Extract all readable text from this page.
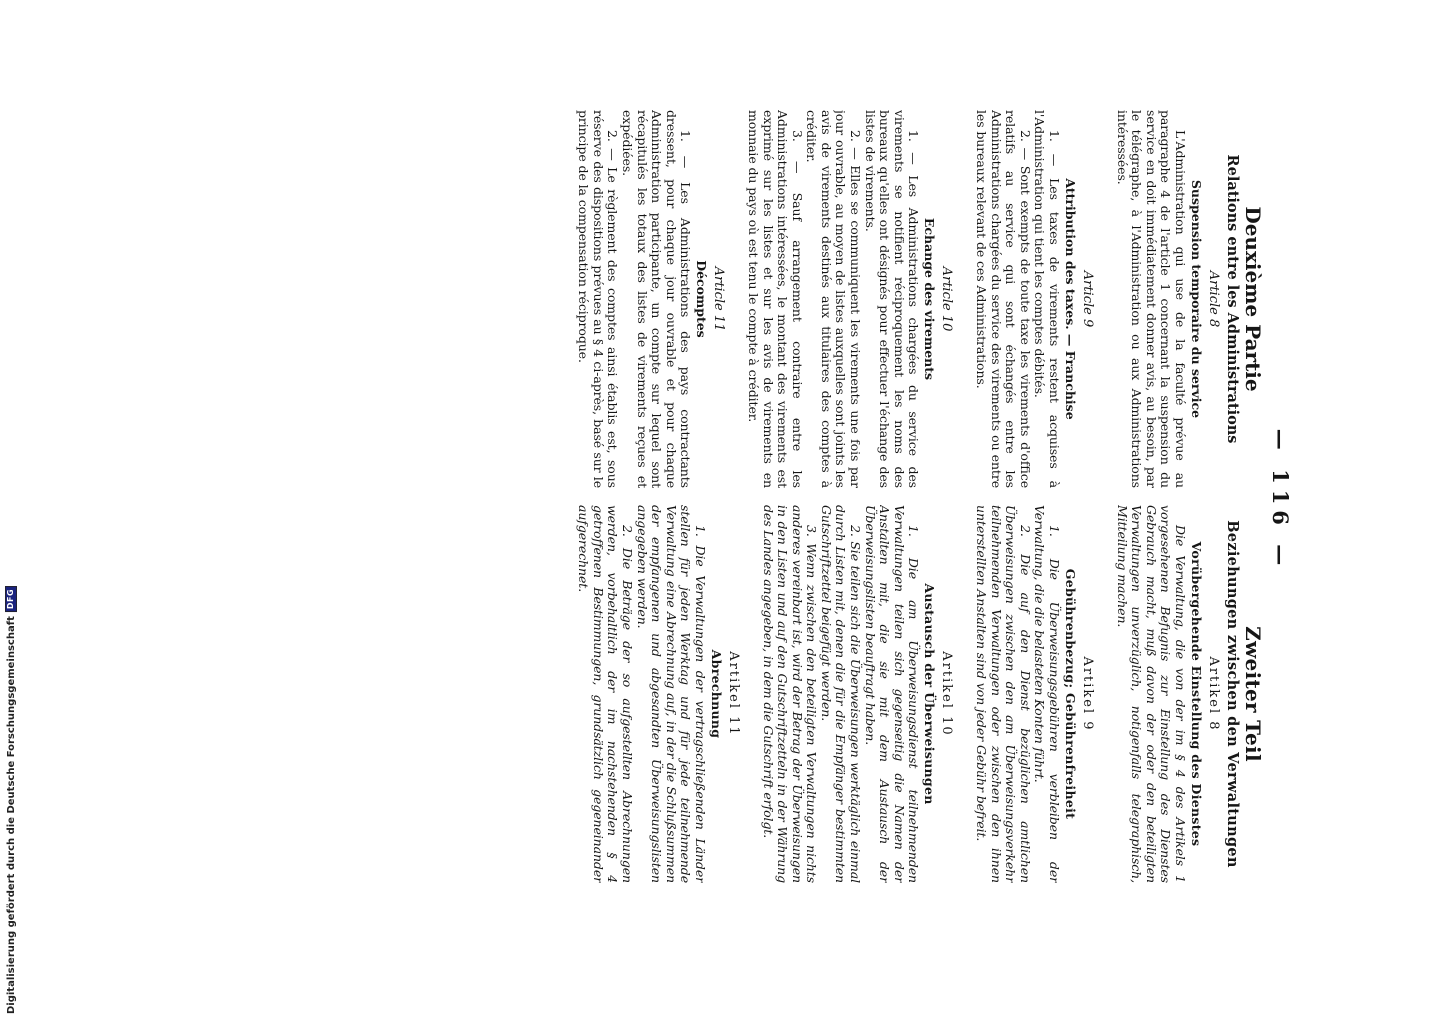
Digitalisierung gefördert durch die Deutsche Forschungsgemeinschaft
DFG
— 116 —
Deuxième Partie
Relations entre les Administrations
Article 8
Suspension temporaire du service

L'Administration qui use de la faculté prévue au paragraphe 4 de l'article 1 concernant la suspension du service en doit immédiatement donner avis, au besoin, par le télégraphe, à l'Administration ou aux Administrations intéressées.

Article 9
Attribution des taxes. — Franchise

1. — Les taxes de virements restent acquises à l'Administration qui tient les comptes débités.

2. — Sont exempts de toute taxe les virements d'office relatifs au service qui sont échangés entre les Administrations chargées du service des virements ou entre les bureaux relevant de ces Administrations.

Article 10
Echange des virements

1. — Les Administrations chargées du service des virements se notifient réciproquement les noms des bureaux qu'elles ont désignés pour effectuer l'échange des listes de virements.

2. — Elles se communiquent les virements une fois par jour ouvrable, au moyen de listes auxquelles sont joints les avis de virements destinés aux titulaires des comptes à créditer.

3. — Sauf arrangement contraire entre les Administrations intéressées, le montant des virements est exprimé sur les listes et sur les avis de virements en monnaie du pays où est tenu le compte à créditer.

Article 11
Décomptes

1. — Les Administrations des pays contractants dressent, pour chaque jour ouvrable et pour chaque Administration participante, un compte sur lequel sont récapitulés les totaux des listes de virements reçues et expédiées.

2. — Le règlement des comptes ainsi établis est, sous réserve des dispositions prévues au § 4 ci-après, basé sur le principe de la compensation réciproque.

Zweiter Teil
Beziehungen zwischen den Verwaltungen
Artikel 8
Vorübergehende Einstellung des Dienstes

Die Verwaltung, die von der im § 4 des Artikels 1 vorgesehenen Befugnis zur Einstellung des Dienstes Gebrauch macht, muß davon der oder den beteiligten Verwaltungen unverzüglich, notigenfalls telegraphisch, Mitteilung machen.

Artikel 9
Gebührenbezug; Gebührenfreiheit

1. Die Überweisungsgebühren verbleiben der Verwaltung, die die belasteten Konten führt.

2. Die auf den Dienst bezüglichen amtlichen Überweisungen zwischen den am Überweisungsverkehr teilnehmenden Verwaltungen oder zwischen den ihnen unterstellten Anstalten sind von jeder Gebühr befreit.

Artikel 10
Austausch der Überweisungen

1. Die am Überweisungsdienst teilnehmenden Verwaltungen teilen sich gegenseitig die Namen der Anstalten mit, die sie mit dem Austausch der Überweisungslisten beauftragt haben.

2. Sie teilen sich die Überweisungen werktäglich einmal durch Listen mit, denen die für die Empfänger bestimmten Gutschriftzettel beigefügt werden.

3. Wenn zwischen den beteiligten Verwaltungen nichts anderes vereinbart ist, wird der Betrag der Überweisungen in den Listen und auf den Gutschriftzetteln in der Währung des Landes angegeben, in dem die Gutschrift erfolgt.

Artikel 11
Abrechnung

1. Die Verwaltungen der vertragschließenden Länder stellen für jeden Werktag und für jede teilnehmende Verwaltung eine Abrechnung auf, in der die Schlußsummen der empfangenen und abgesandten Überweisungslisten angegeben werden.

2. Die Beträge der so aufgestellten Abrechnungen werden, vorbehaltlich der im nachstehenden § 4 getroffenen Bestimmungen, grundsätzlich gegeneinander aufgerechnet.
